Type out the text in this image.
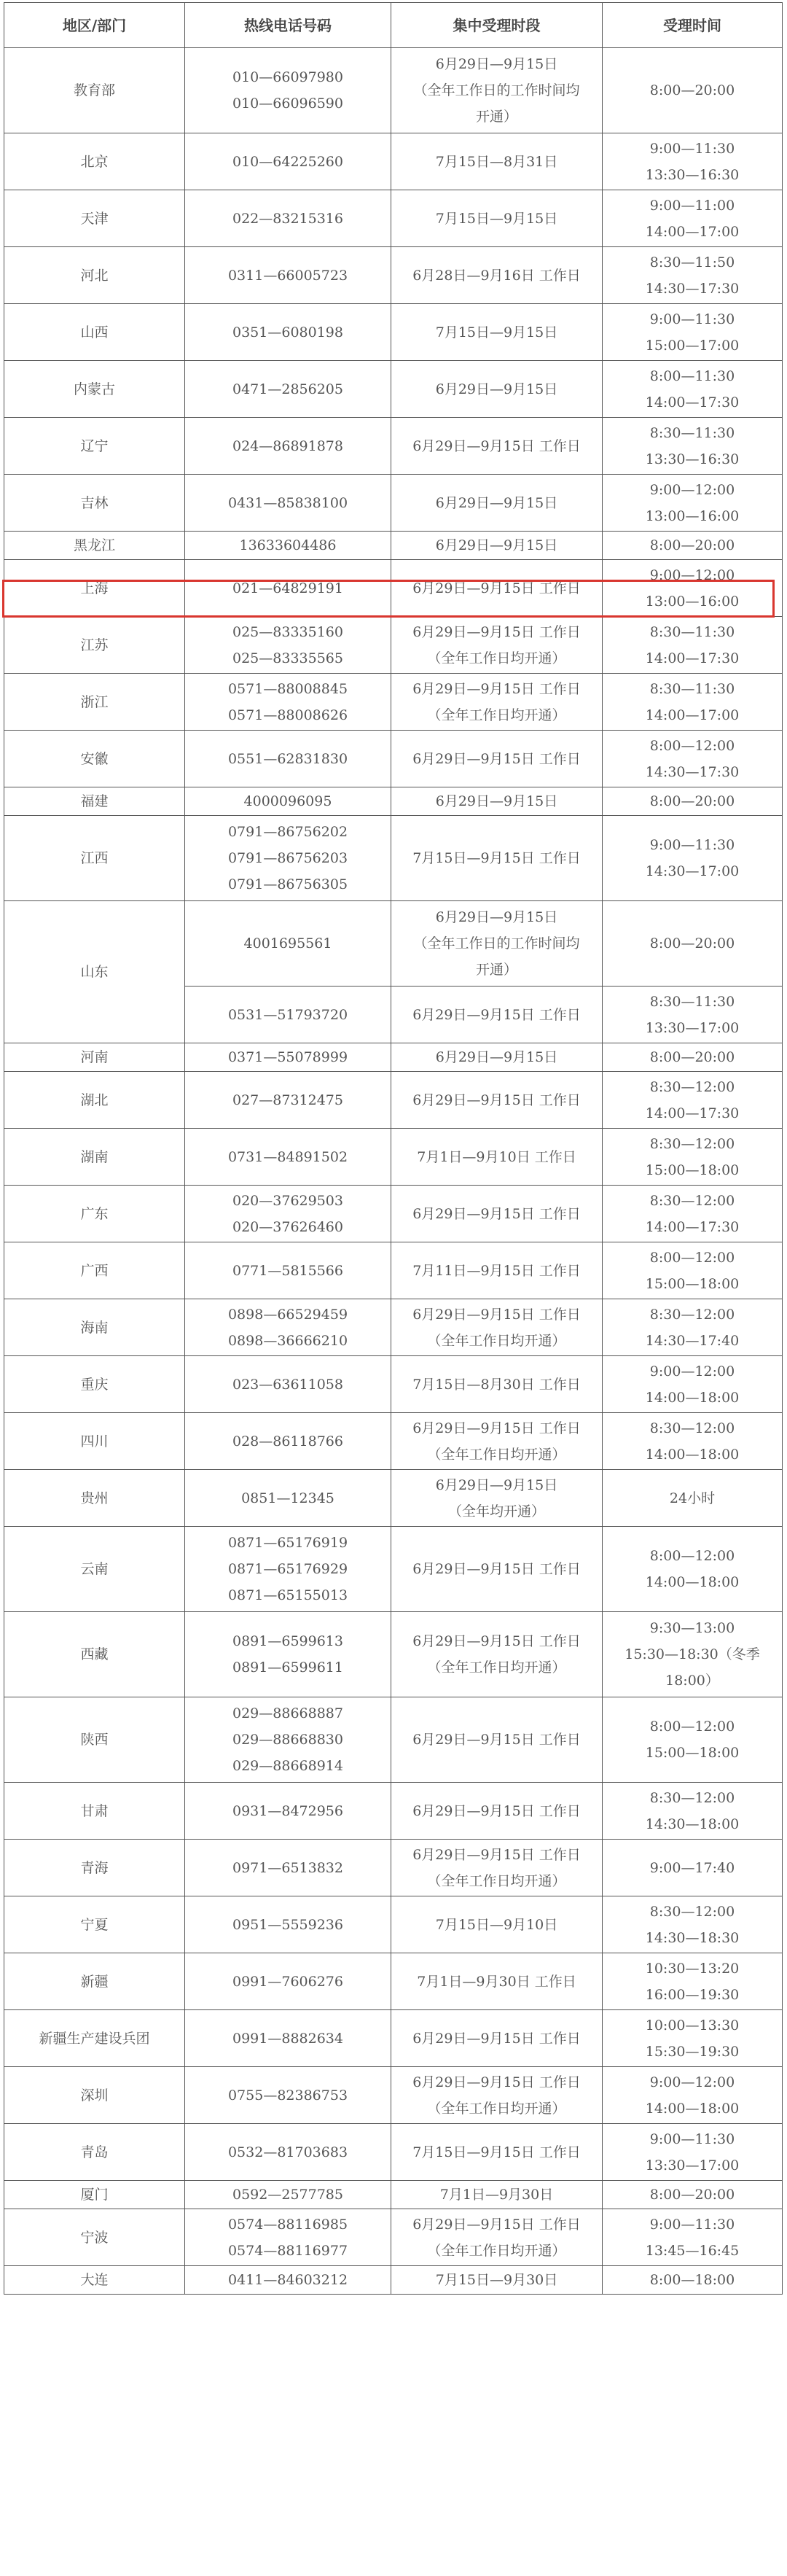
地区/部门	热线电话号码	集中受理时段	受理时间
教育部	010—66097980
010—66096590	6月29日—9月15日
（全年工作日的工作时间均
开通）	8:00—20:00

北京	010—64225260	7月15日—8月31日	9:00—11:30
13:30—16:30

天津	022—83215316	7月15日—9月15日	9:00—11:00
14:00—17:00

河北	0311—66005723	6月28日—9月16日 工作日	8:30—11:50
14:30—17:30

山西	0351—6080198	7月15日—9月15日	9:00—11:30
15:00—17:00

内蒙古	0471—2856205	6月29日—9月15日	8:00—11:30
14:00—17:30

辽宁	024—86891878	6月29日—9月15日 工作日	8:30—11:30
13:30—16:30

吉林	0431—85838100	6月29日—9月15日	9:00—12:00
13:00—16:00

黑龙江	13633604486	6月29日—9月15日	8:00—20:00

上海	021—64829191	6月29日—9月15日 工作日	9:00—12:00
13:00—16:00

江苏	025—83335160
025—83335565	6月29日—9月15日 工作日
（全年工作日均开通）	8:30—11:30
14:00—17:30

浙江	0571—88008845
0571—88008626	6月29日—9月15日 工作日
（全年工作日均开通）	8:30—11:30
14:00—17:00

安徽	0551—62831830	6月29日—9月15日 工作日	8:00—12:00
14:30—17:30

福建	4000096095	6月29日—9月15日	8:00—20:00

江西	0791—86756202
0791—86756203
0791—86756305	7月15日—9月15日 工作日	9:00—11:30
14:30—17:00

山东	4001695561	6月29日—9月15日
（全年工作日的工作时间均
开通）	8:00—20:00

	0531—51793720	6月29日—9月15日 工作日	8:30—11:30
13:30—17:00

河南	0371—55078999	6月29日—9月15日	8:00—20:00

湖北	027—87312475	6月29日—9月15日 工作日	8:30—12:00
14:00—17:30

湖南	0731—84891502	7月1日—9月10日 工作日	8:30—12:00
15:00—18:00

广东	020—37629503
020—37626460	6月29日—9月15日 工作日	8:30—12:00
14:00—17:30

广西	0771—5815566	7月11日—9月15日 工作日	8:00—12:00
15:00—18:00

海南	0898—66529459
0898—36666210	6月29日—9月15日 工作日
（全年工作日均开通）	8:30—12:00
14:30—17:40

重庆	023—63611058	7月15日—8月30日 工作日	9:00—12:00
14:00—18:00

四川	028—86118766	6月29日—9月15日 工作日
（全年工作日均开通）	8:30—12:00
14:00—18:00

贵州	0851—12345	6月29日—9月15日
（全年均开通）	24小时

云南	0871—65176919
0871—65176929
0871—65155013	6月29日—9月15日 工作日	8:00—12:00
14:00—18:00

西藏	0891—6599613
0891—6599611	6月29日—9月15日 工作日
（全年工作日均开通）	9:30—13:00
15:30—18:30（冬季
18:00）

陕西	029—88668887
029—88668830
029—88668914	6月29日—9月15日 工作日	8:00—12:00
15:00—18:00

甘肃	0931—8472956	6月29日—9月15日 工作日	8:30—12:00
14:30—18:00

青海	0971—6513832	6月29日—9月15日 工作日
（全年工作日均开通）	9:00—17:40

宁夏	0951—5559236	7月15日—9月10日	8:30—12:00
14:30—18:30

新疆	0991—7606276	7月1日—9月30日 工作日	10:30—13:20
16:00—19:30

新疆生产建设兵团	0991—8882634	6月29日—9月15日 工作日	10:00—13:30
15:30—19:30

深圳	0755—82386753	6月29日—9月15日 工作日
（全年工作日均开通）	9:00—12:00
14:00—18:00

青岛	0532—81703683	7月15日—9月15日 工作日	9:00—11:30
13:30—17:00

厦门	0592—2577785	7月1日—9月30日	8:00—20:00

宁波	0574—88116985
0574—88116977	6月29日—9月15日 工作日
（全年工作日均开通）	9:00—11:30
13:45—16:45

大连	0411—84603212	7月15日—9月30日	8:00—18:00
